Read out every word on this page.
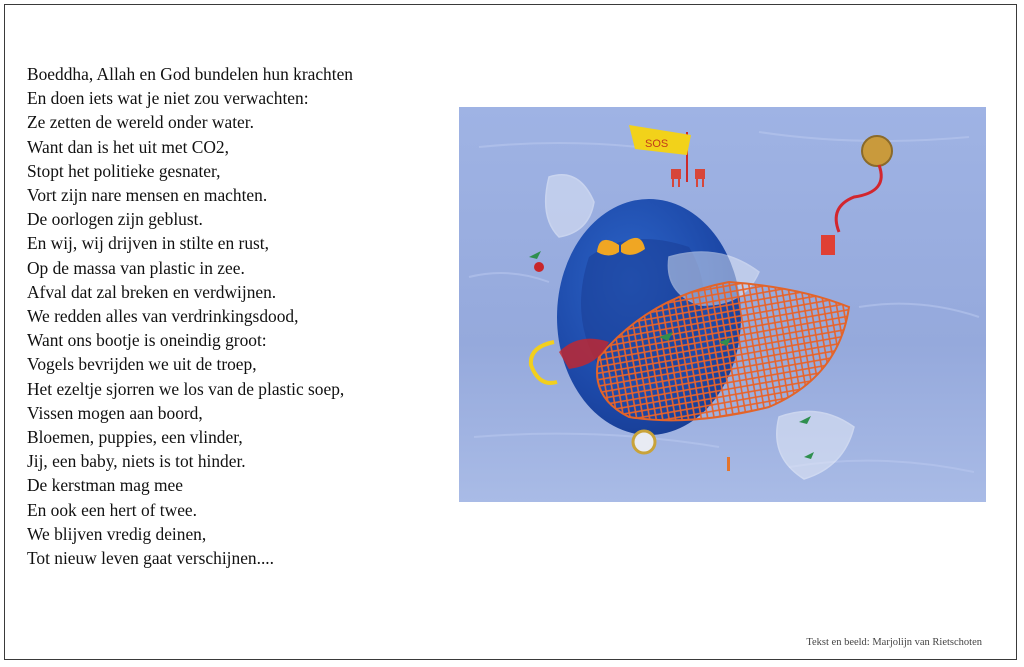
Boeddha, Allah en God bundelen hun krachten
En doen iets wat je niet zou verwachten:
Ze zetten de wereld onder water.
Want dan is het uit met CO2,
Stopt het politieke gesnater,
Vort zijn nare mensen en machten.
De oorlogen zijn geblust.
En wij, wij drijven in stilte en rust,
Op de massa van plastic in zee.
Afval dat zal breken en verdwijnen.
We redden alles van verdrinkingsdood,
Want ons bootje is oneindig groot:
Vogels bevrijden we uit de troep,
Het ezeltje sjorren we los van de plastic soep,
Vissen mogen aan boord,
Bloemen, puppies, een vlinder,
Jij, een baby, niets is tot hinder.
De kerstman mag mee
En ook een hert of twee.
We blijven vredig deinen,
Tot nieuw leven gaat verschijnen....
SOS
Tekst en beeld: Marjolijn van Rietschoten
